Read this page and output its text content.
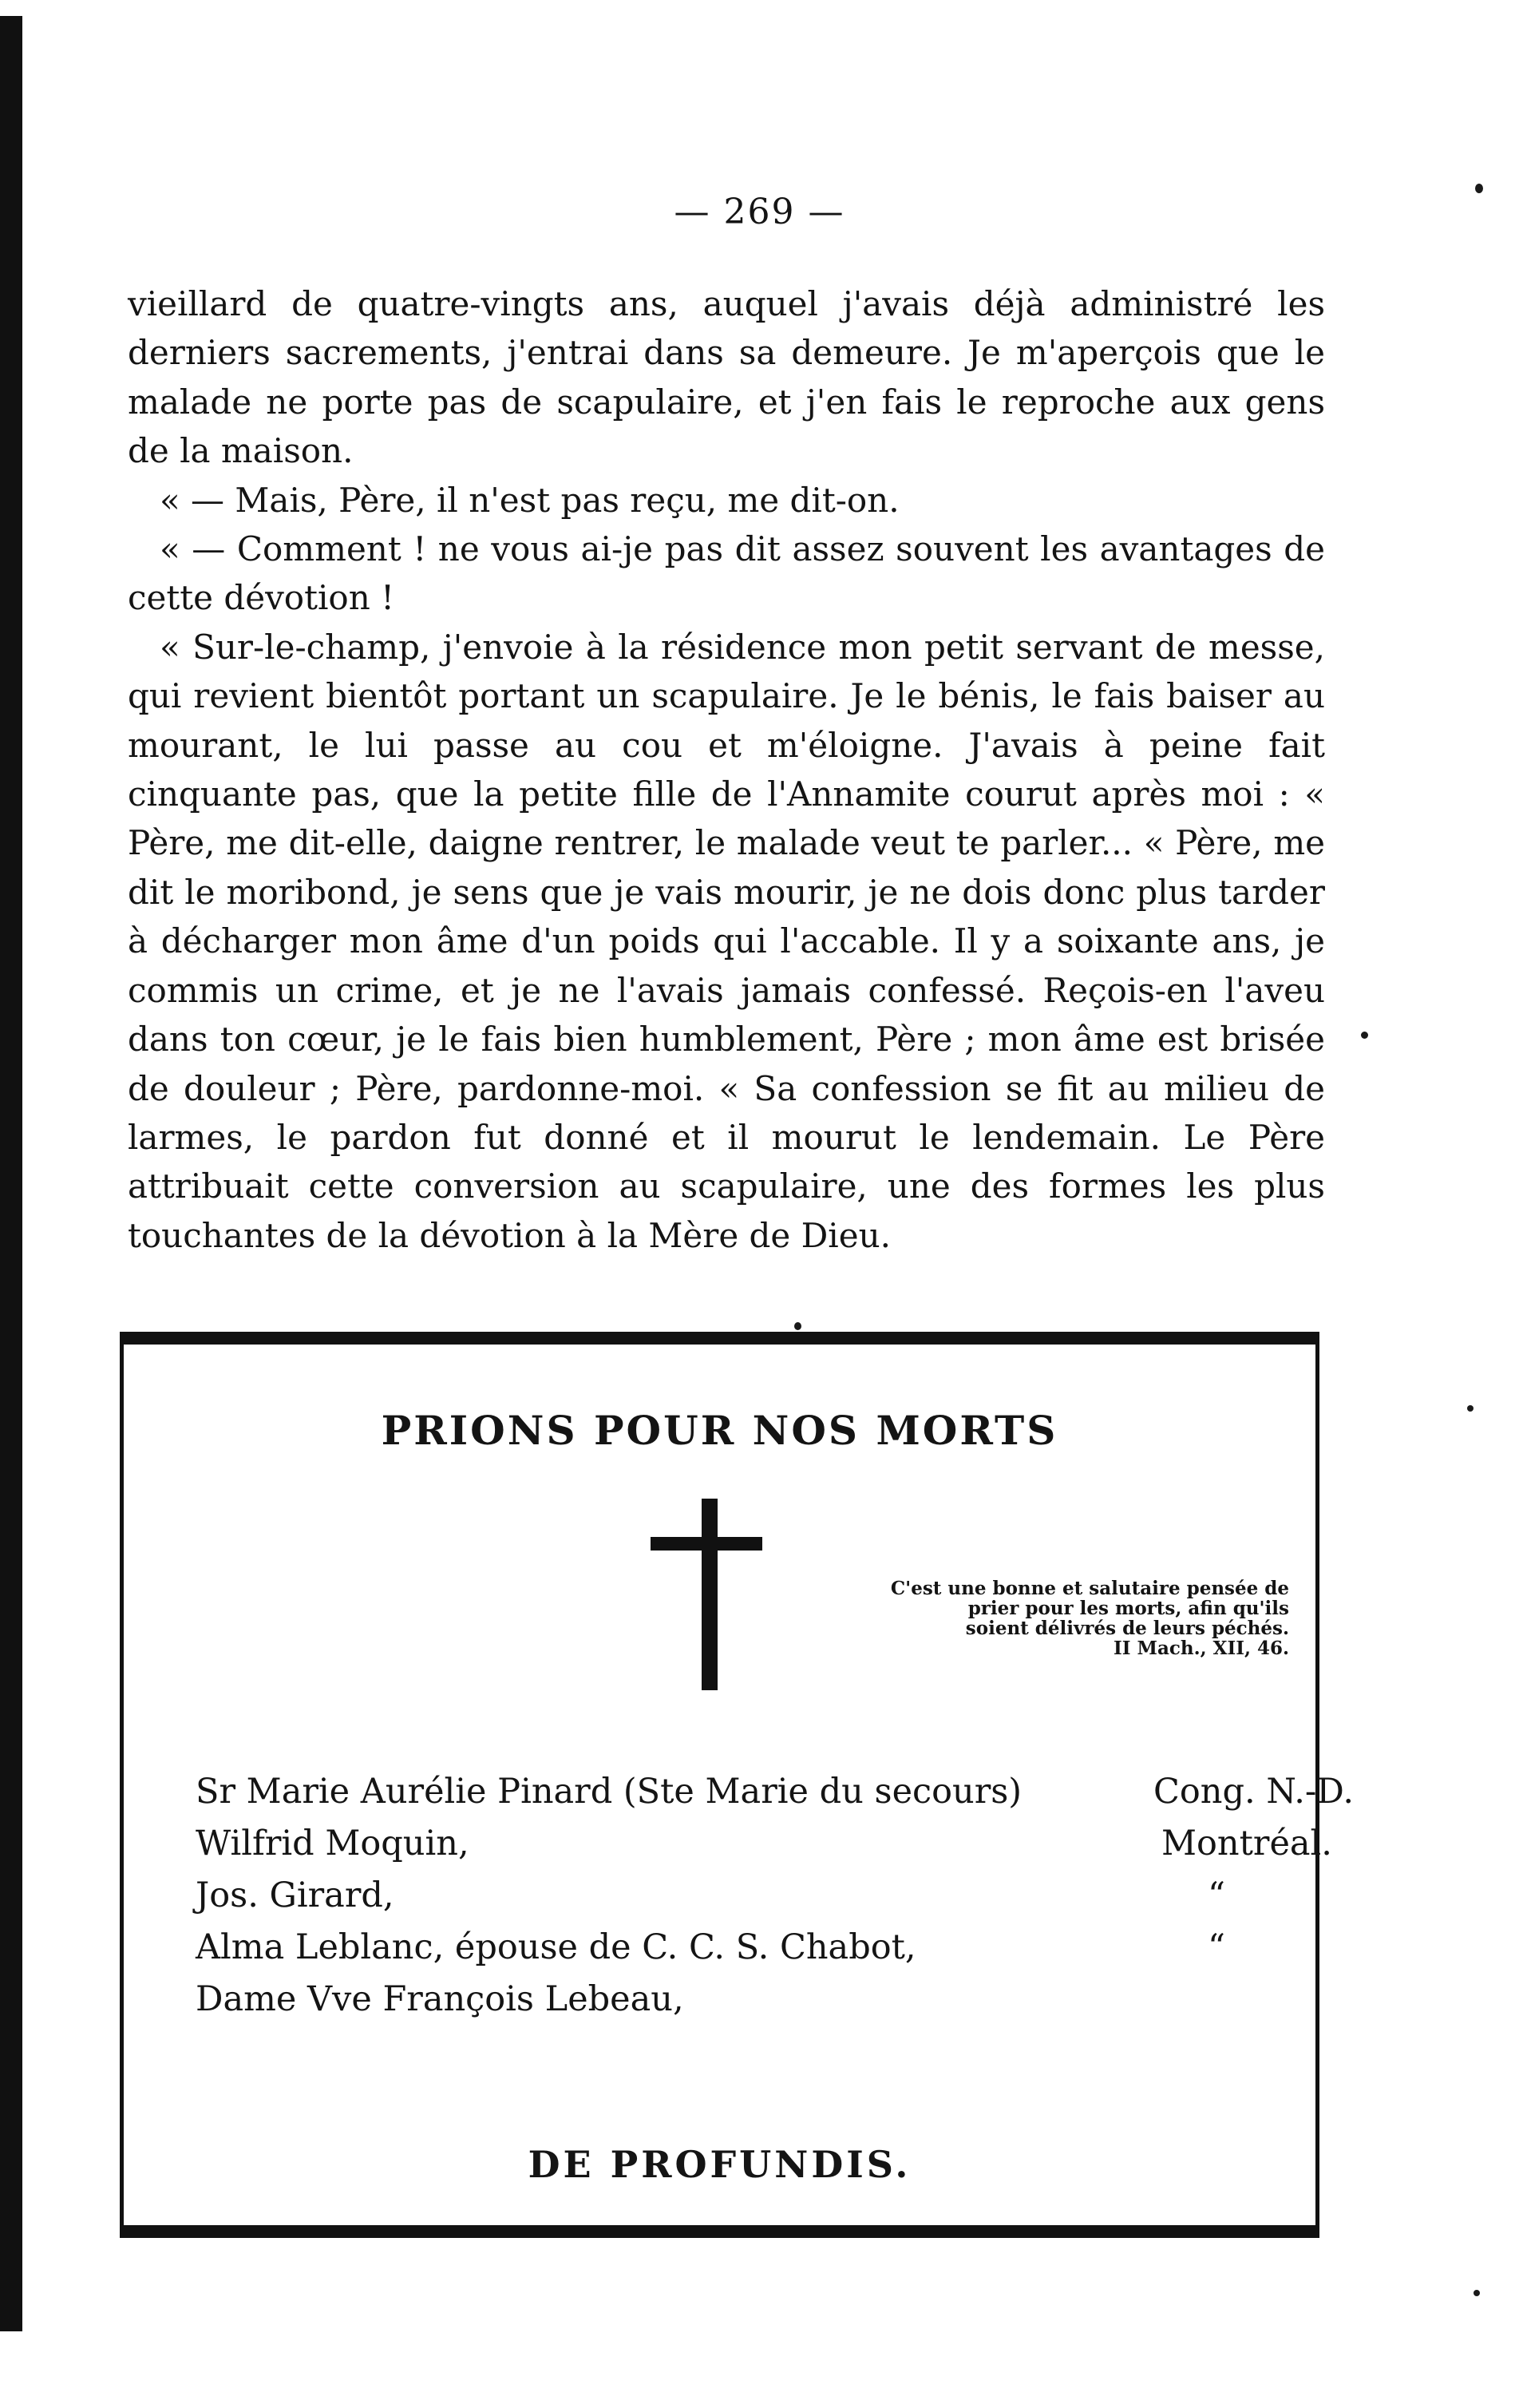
— 269 —

vieillard de quatre-vingts ans, auquel j'avais déjà administré les derniers sacrements, j'entrai dans sa demeure. Je m'aperçois que le malade ne porte pas de scapulaire, et j'en fais le reproche aux gens de la maison.

« — Mais, Père, il n'est pas reçu, me dit-on.

« — Comment ! ne vous ai-je pas dit assez souvent les avantages de cette dévotion !

« Sur-le-champ, j'envoie à la résidence mon petit servant de messe, qui revient bientôt portant un scapulaire. Je le bénis, le fais baiser au mourant, le lui passe au cou et m'éloigne. J'avais à peine fait cinquante pas, que la petite fille de l'Annamite courut après moi : « Père, me dit-elle, daigne rentrer, le malade veut te parler... « Père, me dit le moribond, je sens que je vais mourir, je ne dois donc plus tarder à décharger mon âme d'un poids qui l'accable. Il y a soixante ans, je commis un crime, et je ne l'avais jamais confessé. Reçois-en l'aveu dans ton cœur, je le fais bien humblement, Père ; mon âme est brisée de douleur ; Père, pardonne-moi. « Sa confession se fit au milieu de larmes, le pardon fut donné et il mourut le lendemain. Le Père attribuait cette conversion au scapulaire, une des formes les plus touchantes de la dévotion à la Mère de Dieu.

PRIONS POUR NOS MORTS
C'est une bonne et salutaire pensée de
prier pour les morts, afin qu'ils
soient délivrés de leurs péchés.
II Mach., XII, 46.
Sr Marie Aurélie Pinard (Ste Marie du secours)	Cong. N.-D.
Wilfrid Moquin,	Montréal.
Jos. Girard,	“
Alma Leblanc, épouse de C. C. S. Chabot,	“
Dame Vve François Lebeau,
DE PROFUNDIS.
